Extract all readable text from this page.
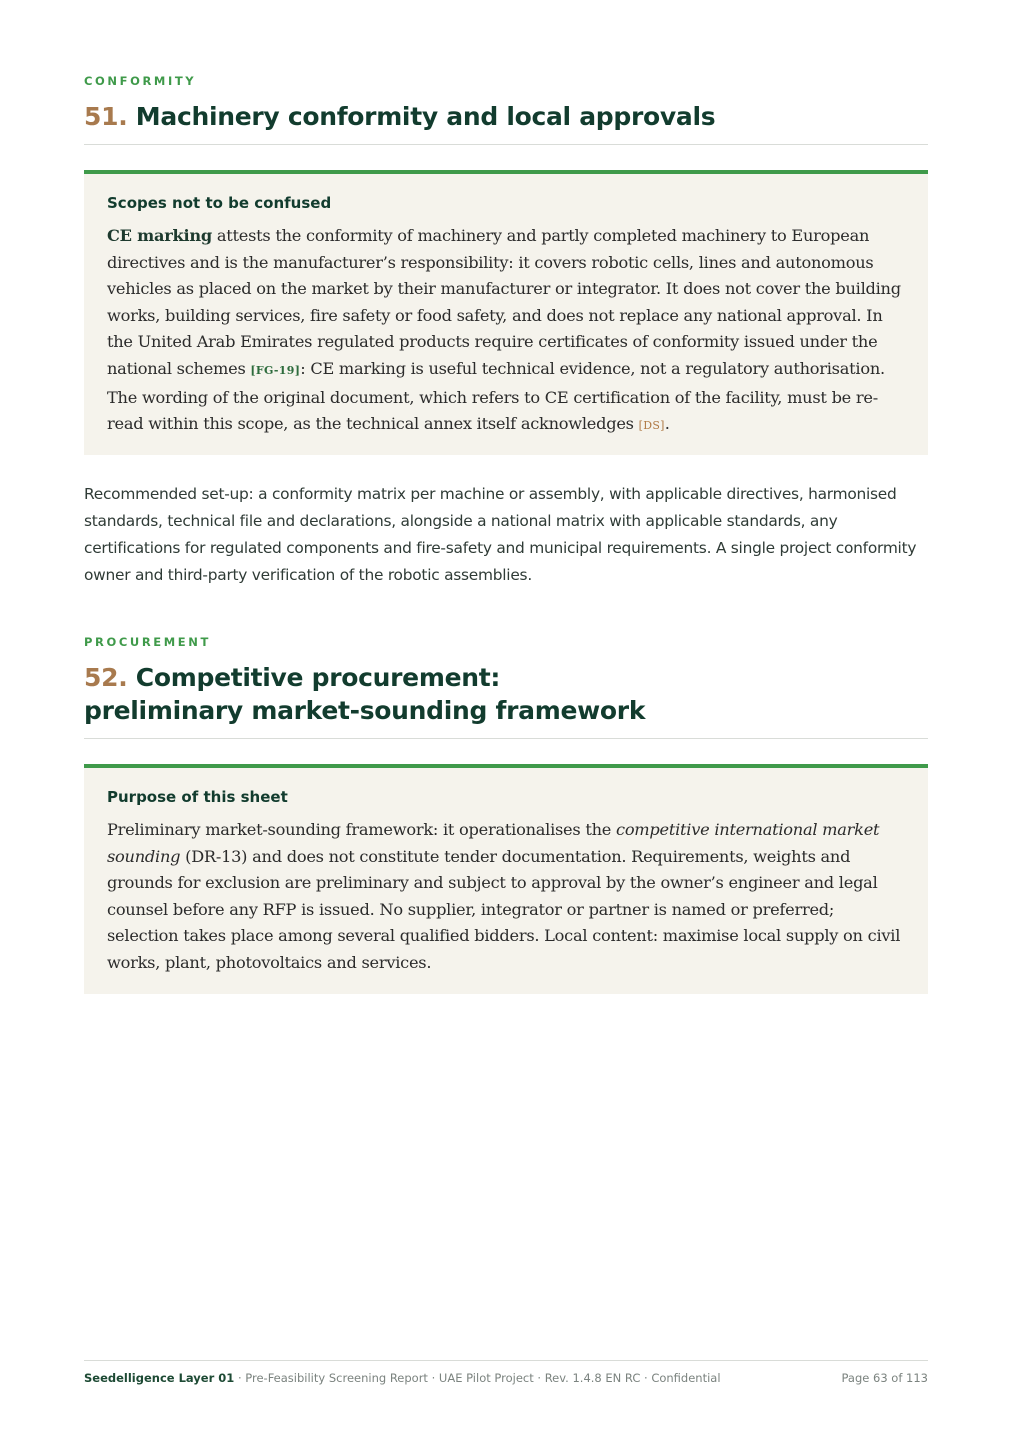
CONFORMITY
51. Machinery conformity and local approvals
Scopes not to be confused
CE marking attests the conformity of machinery and partly completed machinery to European directives and is the manufacturer’s responsibility: it covers robotic cells, lines and autonomous vehicles as placed on the market by their manufacturer or integrator. It does not cover the building works, building services, fire safety or food safety, and does not replace any national approval. In the United Arab Emirates regulated products require certificates of conformity issued under the national schemes [FG-19]: CE marking is useful technical evidence, not a regulatory authorisation. The wording of the original document, which refers to CE certification of the facility, must be re-read within this scope, as the technical annex itself acknowledges [DS].
Recommended set-up: a conformity matrix per machine or assembly, with applicable directives, harmonised standards, technical file and declarations, alongside a national matrix with applicable standards, any certifications for regulated components and fire-safety and municipal requirements. A single project conformity owner and third-party verification of the robotic assemblies.
PROCUREMENT
52. Competitive procurement:
preliminary market-sounding framework
Purpose of this sheet
Preliminary market-sounding framework: it operationalises the competitive international market sounding (DR-13) and does not constitute tender documentation. Requirements, weights and grounds for exclusion are preliminary and subject to approval by the owner’s engineer and legal counsel before any RFP is issued. No supplier, integrator or partner is named or preferred; selection takes place among several qualified bidders. Local content: maximise local supply on civil works, plant, photovoltaics and services.
Seedelligence Layer 01 · Pre-Feasibility Screening Report · UAE Pilot Project · Rev. 1.4.8 EN RC · Confidential	Page 63 of 113
